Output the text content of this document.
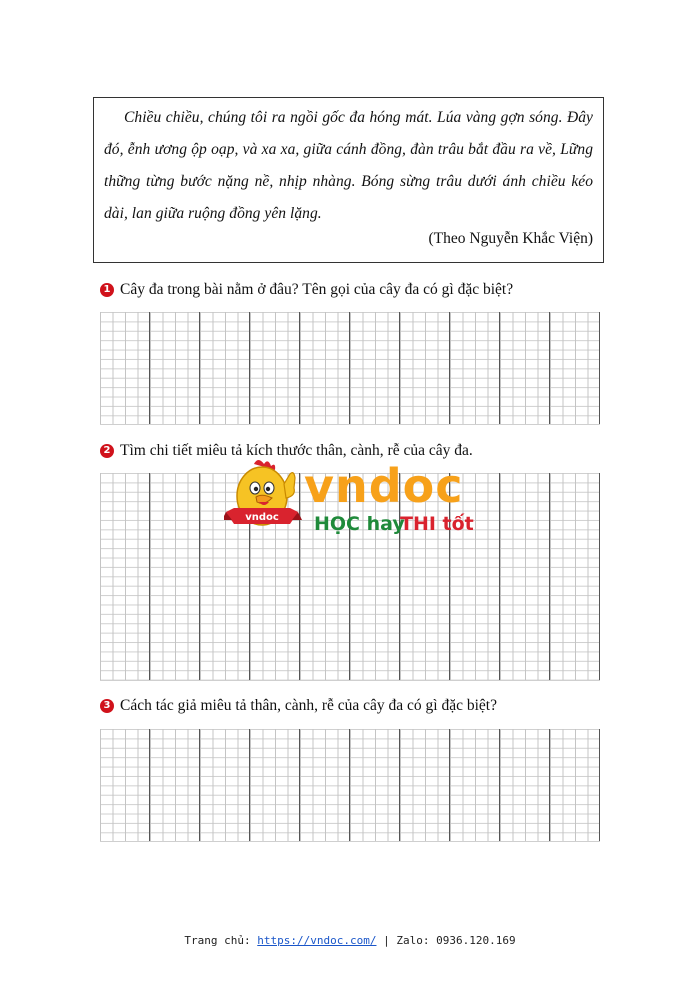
Chiều chiều, chúng tôi ra ngồi gốc đa hóng mát. Lúa vàng gợn sóng. Đây đó, ễnh ương ộp oạp, và xa xa, giữa cánh đồng, đàn trâu bắt đầu ra về, Lững thững từng bước nặng nề, nhịp nhàng. Bóng sừng trâu dưới ánh chiều kéo dài, lan giữa ruộng đồng yên lặng.

(Theo Nguyễn Khắc Viện)
1 Cây đa trong bài nằm ở đâu? Tên gọi của cây đa có gì đặc biệt?
2 Tìm chi tiết miêu tả kích thước thân, cành, rễ của cây đa.
3 Cách tác giả miêu tả thân, cành, rễ của cây đa có gì đặc biệt?
vndoc
vndoc
HỌC hay
THI tốt
Trang chủ: https://vndoc.com/ | Zalo: 0936.120.169
